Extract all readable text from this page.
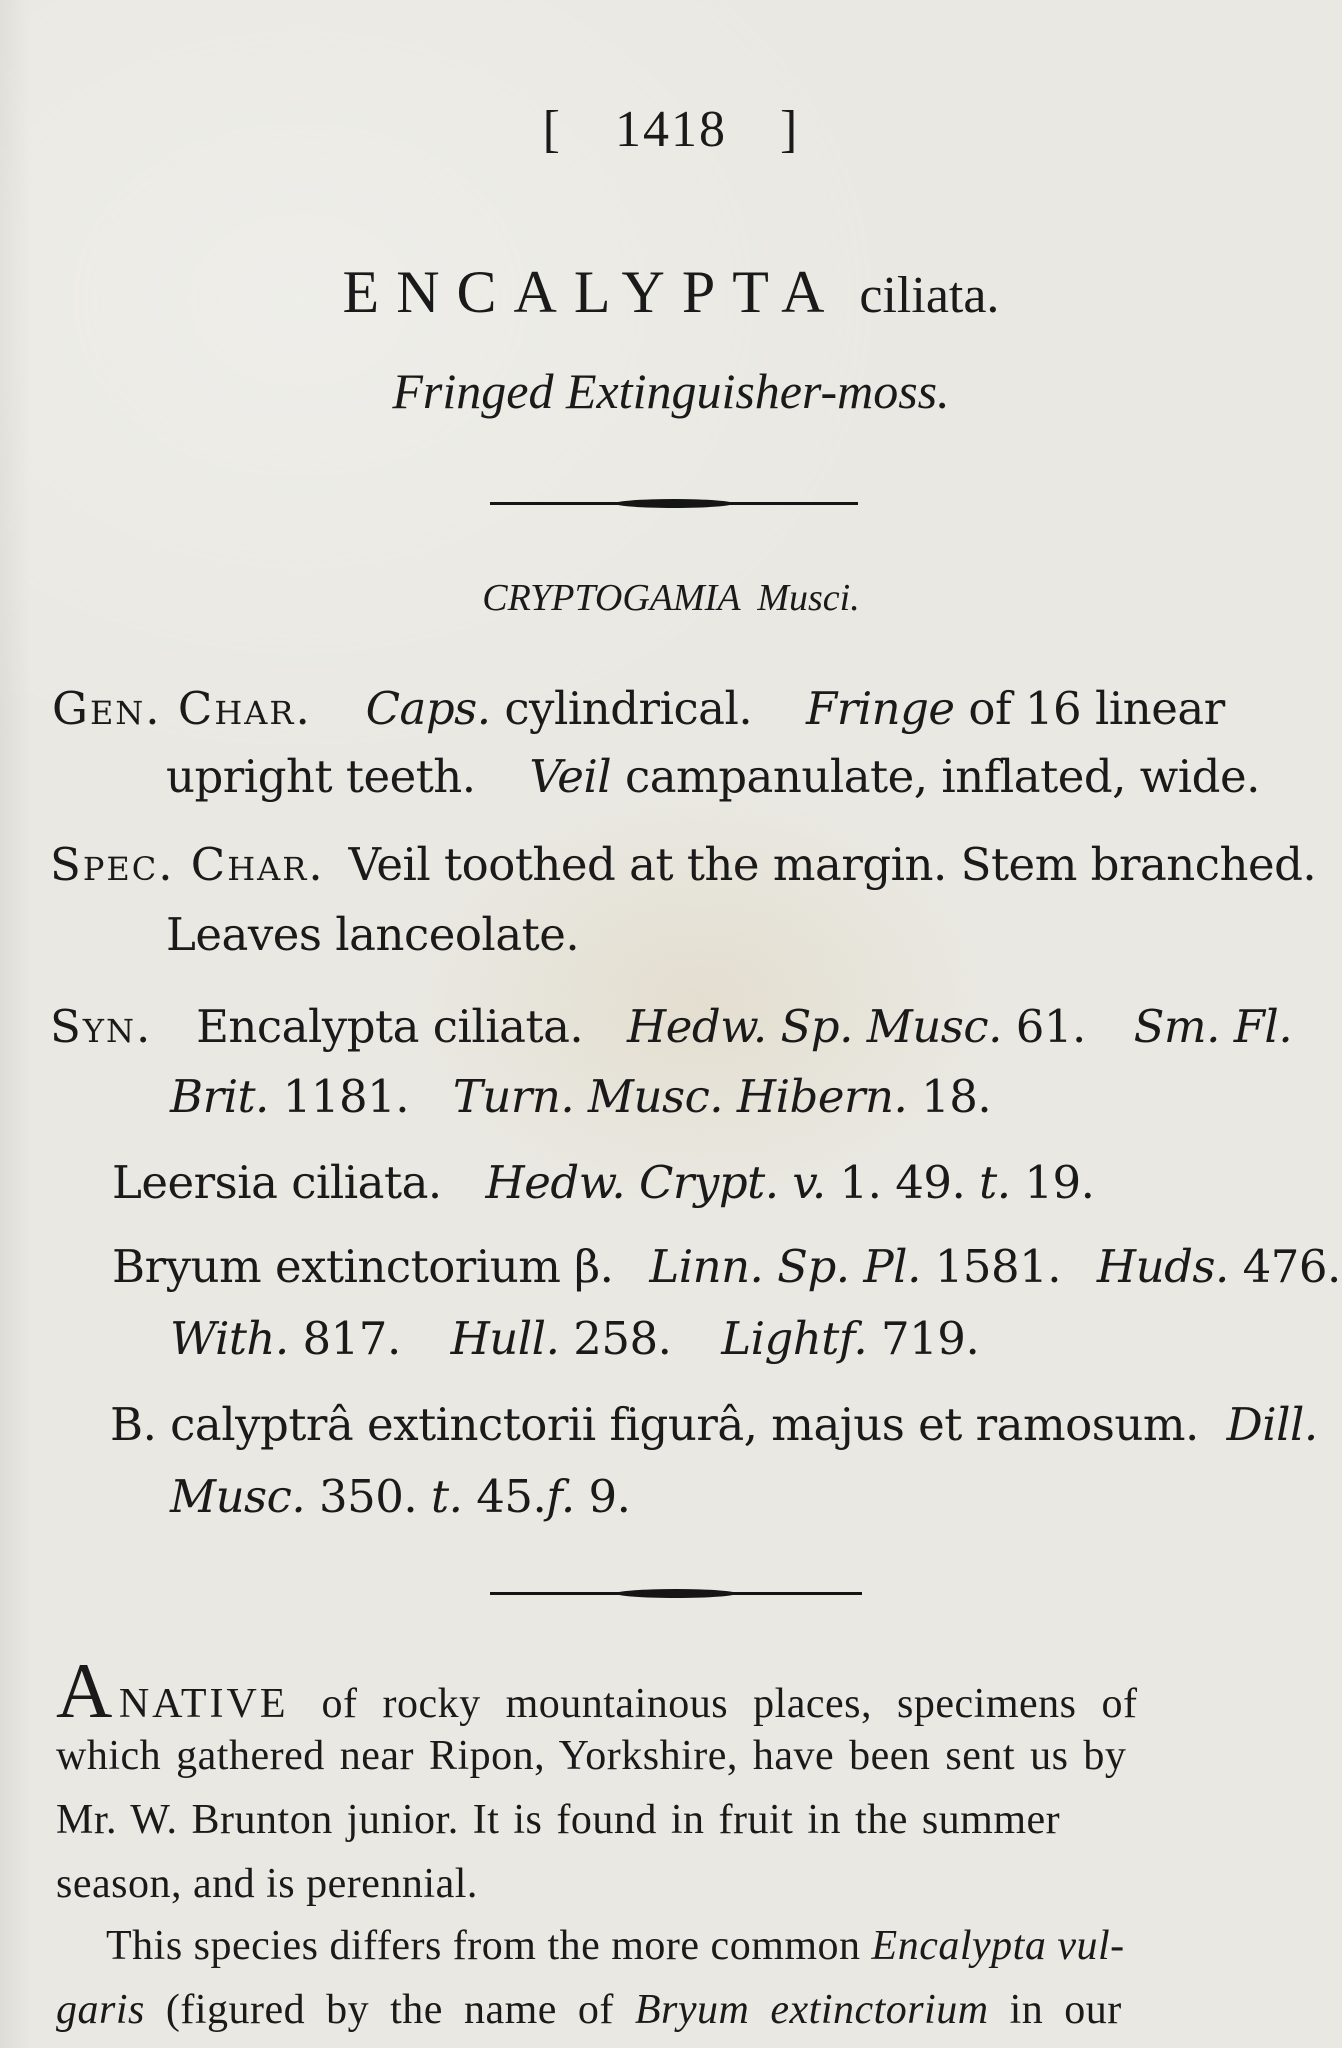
[ 1418 ]
ENCALYPTA ciliata.
Fringed Extinguisher-moss.
CRYPTOGAMIA Musci.
Gen. Char. Caps. cylindrical. Fringe of 16 linear
upright teeth. Veil campanulate, inflated, wide.
Spec. Char. Veil toothed at the margin. Stem branched.
Leaves lanceolate.
Syn. Encalypta ciliata. Hedw. Sp. Musc. 61. Sm. Fl.
Brit. 1181. Turn. Musc. Hibern. 18.
Leersia ciliata. Hedw. Crypt. v. 1. 49. t. 19.
Bryum extinctorium β. Linn. Sp. Pl. 1581. Huds. 476.
With. 817. Hull. 258. Lightf. 719.
B. calyptrâ extinctorii figurâ, majus et ramosum. Dill.
Musc. 350. t. 45.f. 9.
ANATIVE of rocky mountainous places, specimens of
which gathered near Ripon, Yorkshire, have been sent us by
Mr. W. Brunton junior. It is found in fruit in the summer
season, and is perennial.
This species differs from the more common Encalypta vul-
garis (figured by the name of Bryum extinctorium in our
